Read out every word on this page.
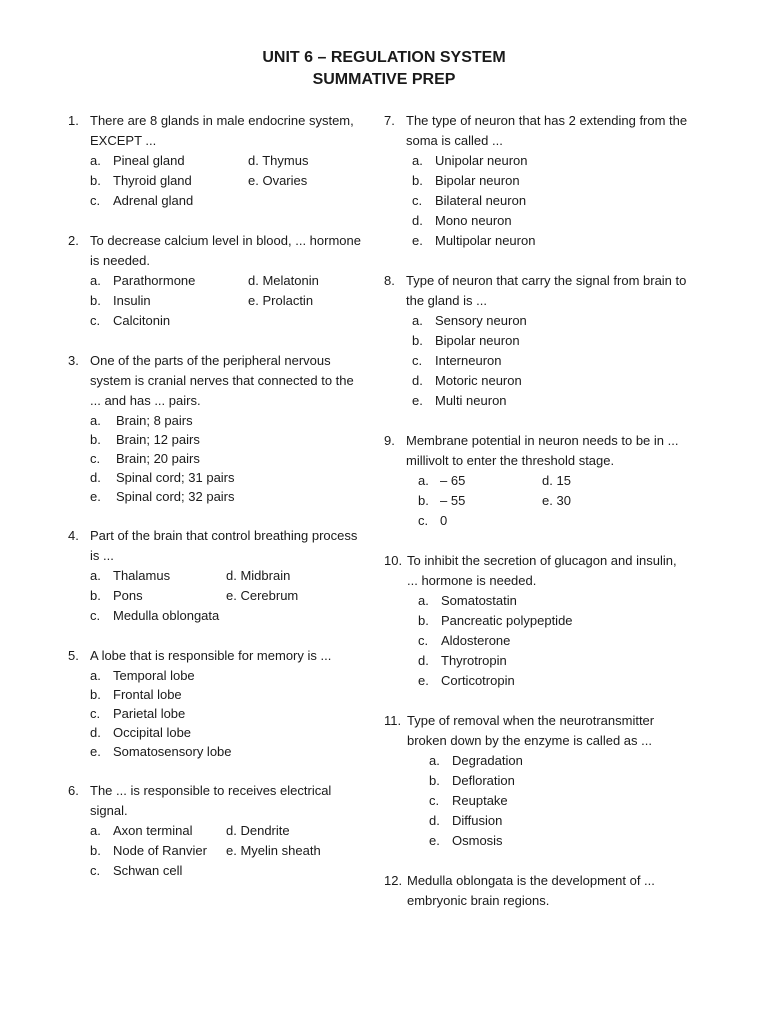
UNIT 6 – REGULATION SYSTEM
SUMMATIVE PREP
1. There are 8 glands in male endocrine system, EXCEPT ...
a. Pineal gland	d. Thymus
b. Thyroid gland	e. Ovaries
c. Adrenal gland
2. To decrease calcium level in blood, ... hormone is needed.
a. Parathormone	d. Melatonin
b. Insulin	e. Prolactin
c. Calcitonin
3. One of the parts of the peripheral nervous system is cranial nerves that connected to the ... and has ... pairs.
a.	Brain; 8 pairs
b.	Brain; 12 pairs
c.	Brain; 20 pairs
d.	Spinal cord; 31 pairs
e.	Spinal cord; 32 pairs
4. Part of the brain that control breathing process is ...
a. Thalamus	d. Midbrain
b. Pons	e. Cerebrum
c. Medulla oblongata
5. A lobe that is responsible for memory is ...
a. Temporal lobe
b. Frontal lobe
c. Parietal lobe
d. Occipital lobe
e. Somatosensory lobe
6. The ... is responsible to receives electrical signal.
a. Axon terminal	d. Dendrite
b. Node of Ranvier e. Myelin sheath
c. Schwan cell
7. The type of neuron that has 2 extending from the soma is called ...
a. Unipolar neuron
b. Bipolar neuron
c. Bilateral neuron
d. Mono neuron
e. Multipolar neuron
8. Type of neuron that carry the signal from brain to the gland is ...
a. Sensory neuron
b. Bipolar neuron
c. Interneuron
d. Motoric neuron
e. Multi neuron
9. Membrane potential in neuron needs to be in ... millivolt to enter the threshold stage.
a. – 65	d. 15
b. – 55	e. 30
c. 0
10. To inhibit the secretion of glucagon and insulin, ... hormone is needed.
a. Somatostatin
b. Pancreatic polypeptide
c. Aldosterone
d. Thyrotropin
e. Corticotropin
11. Type of removal when the neurotransmitter broken down by the enzyme is called as ...
a. Degradation
b. Defloration
c. Reuptake
d. Diffusion
e. Osmosis
12. Medulla oblongata is the development of ... embryonic brain regions.
